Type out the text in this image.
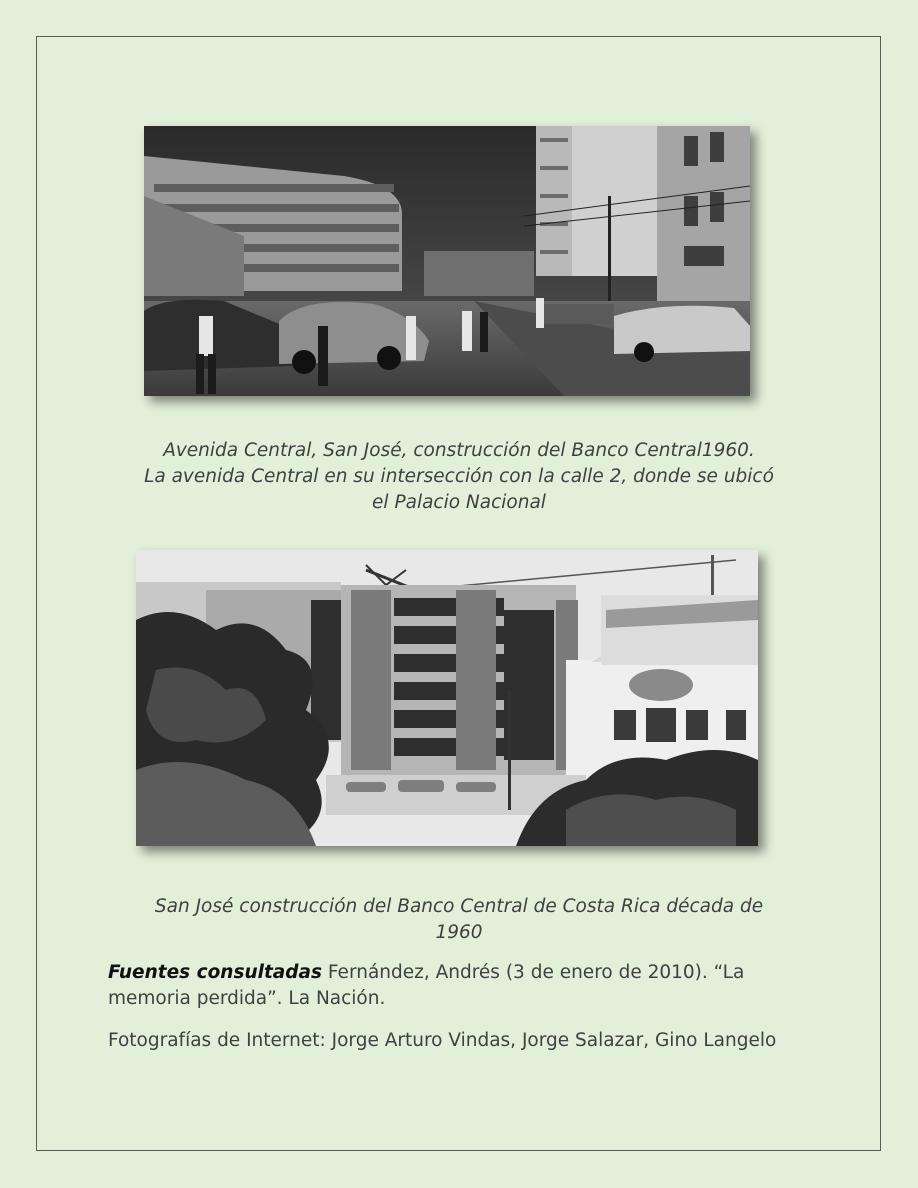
Avenida Central, San José, construcción del Banco Central1960.
La avenida Central en su intersección con la calle 2, donde se ubicó
el Palacio Nacional
San José construcción del Banco Central de Costa Rica década de
1960
Fuentes consultadas Fernández, Andrés (3 de enero de 2010). “La memoria perdida”. La Nación.
Fotografías de Internet: Jorge Arturo Vindas, Jorge Salazar, Gino Langelo
